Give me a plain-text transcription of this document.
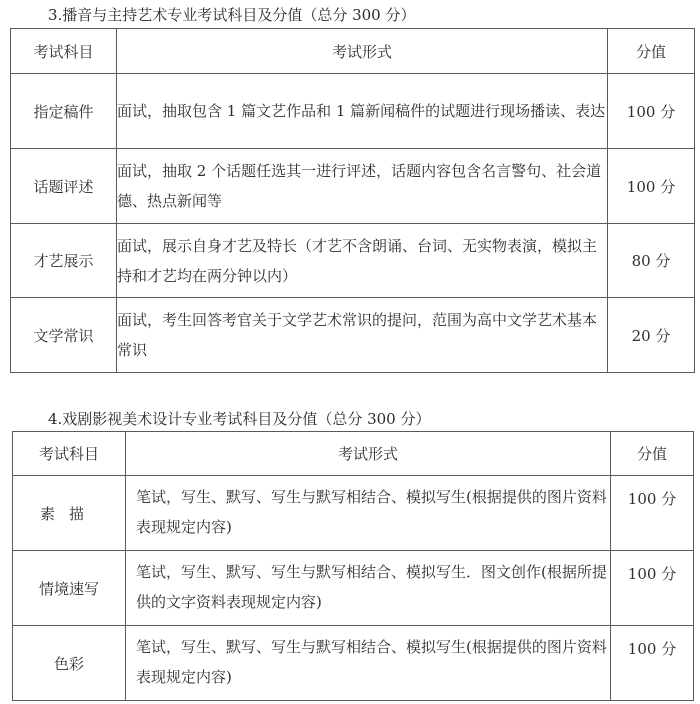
3.播音与主持艺术专业考试科目及分值（总分 300 分）
考试科目	考试形式	分值
指定稿件	面试，抽取包含 1 篇文艺作品和 1 篇新闻稿件的试题进行现场播读、表达	100 分
话题评述	面试，抽取 2 个话题任选其一进行评述，话题内容包含名言警句、社会道德、热点新闻等	100 分
才艺展示	面试，展示自身才艺及特长（才艺不含朗诵、台词、无实物表演，模拟主持和才艺均在两分钟以内）	80 分
文学常识	面试，考生回答考官关于文学艺术常识的提问，范围为高中文学艺术基本常识	20 分
4.戏剧影视美术设计专业考试科目及分值（总分 300 分）
考试科目	考试形式	分值
素描	笔试，写生、默写、写生与默写相结合、模拟写生(根据提供的图片资料表现规定内容)	100 分
情境速写	笔试，写生、默写、写生与默写相结合、模拟写生．图文创作(根据所提供的文字资料表现规定内容)	100 分
色彩	笔试，写生、默写、写生与默写相结合、模拟写生(根据提供的图片资料表现规定内容)	100 分
